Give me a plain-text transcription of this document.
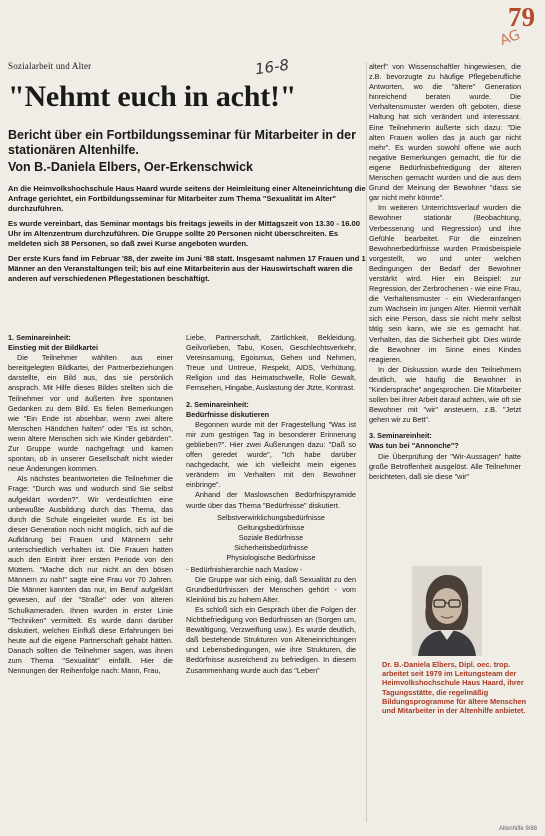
79
AG
16-8
Sozialarbeit und Alter
"Nehmt euch in acht!"
Bericht über ein Fortbildungsseminar für Mitarbeiter in der stationären Altenhilfe.
Von B.-Daniela Elbers, Oer-Erkenschwick

An die Heimvolkshochschule Haus Haard wurde seitens der Heimleitung einer Alteneinrichtung die Anfrage gerichtet, ein Fortbildungsseminar für Mitarbeiter zum Thema "Sexualität im Alter" durchzuführen.

Es wurde vereinbart, das Seminar montags bis freitags jeweils in der Mittagszeit von 13.30 - 16.00 Uhr im Altenzentrum durchzuführen. Die Gruppe sollte 20 Personen nicht überschreiten. Es meldeten sich 38 Personen, so daß zwei Kurse angeboten wurden.

Der erste Kurs fand im Februar '88, der zweite im Juni '88 statt. Insgesamt nahmen 17 Frauen und 1 Männer an den Veranstaltungen teil; bis auf eine Mitarbeiterin aus der Hauswirtschaft waren die anderen auf verschiedenen Pflegestationen beschäftigt.

1. Seminareinheit:

Einstieg mit der Bildkartei

Die Teilnehmer wählten aus einer bereitgelegten Bildkartei, der Partnerbeziehungen darstellte, ein Bild aus, das sie persönlich ansprach. Mit Hilfe dieses Bildes stellten sich die Teilnehmer vor und äußerten ihre spontanen Gedanken zu dem Bild. Es fielen Bemerkungen wie "Ein Ende ist absehbar, wenn zwei ältere Menschen Händchen halten" oder "Es ist schön, wenn ältere Menschen sich wie Kinder gebärden". Zur Gruppe wurde nachgefragt und kamen spontan, ob in unserer Gesellschaft nicht wieder neue Änderungen kommen.

Als nächstes beantworteten die Teilnehmer die Frage: "Durch was und wodurch sind Sie selbst aufgeklärt worden?". Wir verdeutlichten eine unbewußte Ausbildung durch das Thema, das durch die Schule eingeleitet wurde. Es ist bei dieser Generation noch nicht möglich, sich auf die Aufklärung bei Frauen und Männern sehr unterschiedlich verhalten ist. Die Frauen hatten auch den Eintritt ihrer ersten Periode von den Müttern. "Mache dich nur nicht an den bösen Männern zu nah!" sagte eine Frau vor 70 Jahren. Die Männer kannten das nur, im Beruf aufgeklärt gewesen, auf der "Straße" oder von älteren Schulkameraden. Ihnen wurden in erster Linie "Techniken" vermittelt. Es wurde dann darüber diskutiert, welchen Einfluß diese Erfahrungen bei heute auf die eigene Partnerschaft gehabt hätten. Danach sollten die Teilnehmer sagen, was ihnen zum Thema "Sexualität" einfällt. Hier die Nennungen der Reihenfolge nach: Mann, Frau,

Liebe, Partnerschaft, Zärtlichkeit, Bekleidung, Geilvorlieben, Tabu, Kosen, Geschlechtsverkehr, Vereinsamung, Egoismus, Gehen und Nehmen, Treue und Untreue, Respekt, AIDS, Verhütung, Religion und das Heimatschwelle, Rolle Gewalt, Fernsehen, Hingabe, Auslastung der Jtzte, Kontrast.

2. Seminareinheit:

Bedürfnisse diskutieren

Begonnen wurde mit der Fragestellung "Was ist mir zum gestrigen Tag in besonderer Erinnerung geblieben?". Hier zwei Äußerungen dazu: "Daß so offen geredet wurde", "Ich habe darüber nachgedacht, wie ich vielleicht mein eigenes verändern im Verhalten mit den Bewohner einbringe".

Anhand der Maslowschen Bedürfnispyramide wurde über das Thema "Bedürfnisse" diskutiert.

Selbstverwirklichungsbedürfnisse
Geltungsbedürfnisse
Soziale Bedürfnisse
Sicherheitsbedürfnisse
Physiologische Bedürfnisse

- Bedürfnishierarchie nach Maslow -

Die Gruppe war sich einig, daß Sexualität zu den Grundbedürfnissen der Menschen gehört - vom Kleinkind bis zu hohem Alter.

Es schloß sich ein Gespräch über die Folgen der Nichtbefriedigung von Bedürfnissen an (Sorgen um, Bewältigung, Verzweiflung usw.). Es wurde deutlich, daß bestehende Strukturen von Alteneinrichtungen und Lebensbedingungen, wie ihre Strukturen, die Bedürfnisse ausreichend zu befriedigen. In diesem Zusammenhang wurde auch das "Leben"

alterf" von Wissenschaftler hingewiesen, die z.B. bevorzugte zu häufige Pflegeberufliche Antworten, wo die "ältere" Generation hinreichend beraten wurde. Die Verhaltensmuster werden oft geboten, diese Haltung hat sich verändert und interessant. Eine Teilnehmerin äußerte sich dazu: "Die alten Frauen wollen das ja auch gar nicht mehr". Es wurden sowohl offene wie auch negative Bemerkungen gemacht, die für die eigene Bedürfnisbefriedigung der älteren Menschen gemacht wurden und die aus dem Grund der Meinung der Bewohner "dass sie gar nicht mehr könnte".

Im weiteren Unterrichtsverlauf wurden die Bewohner stationär (Beobachtung, Verbesserung und Regression) und ihre Gefühle bearbeitet. Für die einzelnen Bewohnerbedürfnisse wurden Praxisbeispiele vorgestellt, wo und unter welchen Bedingungen der Bedarf der Bewohner verstärkt wird. Hier ein Beispiel: zur Regression, der Zerbrochenen - wie eine Frau, die Verhaltensmuster - ein Wiederanfangen zum Wachsein im jungen Alter. Hiermit verhält sich eine Person, dass sie nicht mehr selbst tätig sein kann, wie sie es gemacht hat. Verhalten, das die Sicherheit gibt. Dies würde die Bewohner im Sinne eines Kindes reagieren.

In der Diskussion wurde den Teilnehmern deutlich, wie häufig die Bewohner in "Kindersprache" angesprochen. Die Mitarbeiter sollen bei ihrer Arbeit darauf achten, wie oft sie Bewohner mit "wir" ansteuern, z.B. "Jetzt gehen wir zu Bett".

3. Seminareinheit:

Was tun bei "Annonche"?

Die Überprüfung der "Wir-Aussagen" hatte große Betroffenheit ausgelöst. Alle Teilnehmer berichteten, daß sie diese "wir"

Dr. B.-Daniela Elbers, Dipl. oec. trop. arbeitet seit 1979 im Leitungsteam der Heimvolkshochschule Haus Haard, ihrer Tagungsstätte, die regelmäßig Bildungsprogramme für ältere Menschen und Mitarbeiter in der Altenhilfe anbietet.
Altenhilfe 9/88
